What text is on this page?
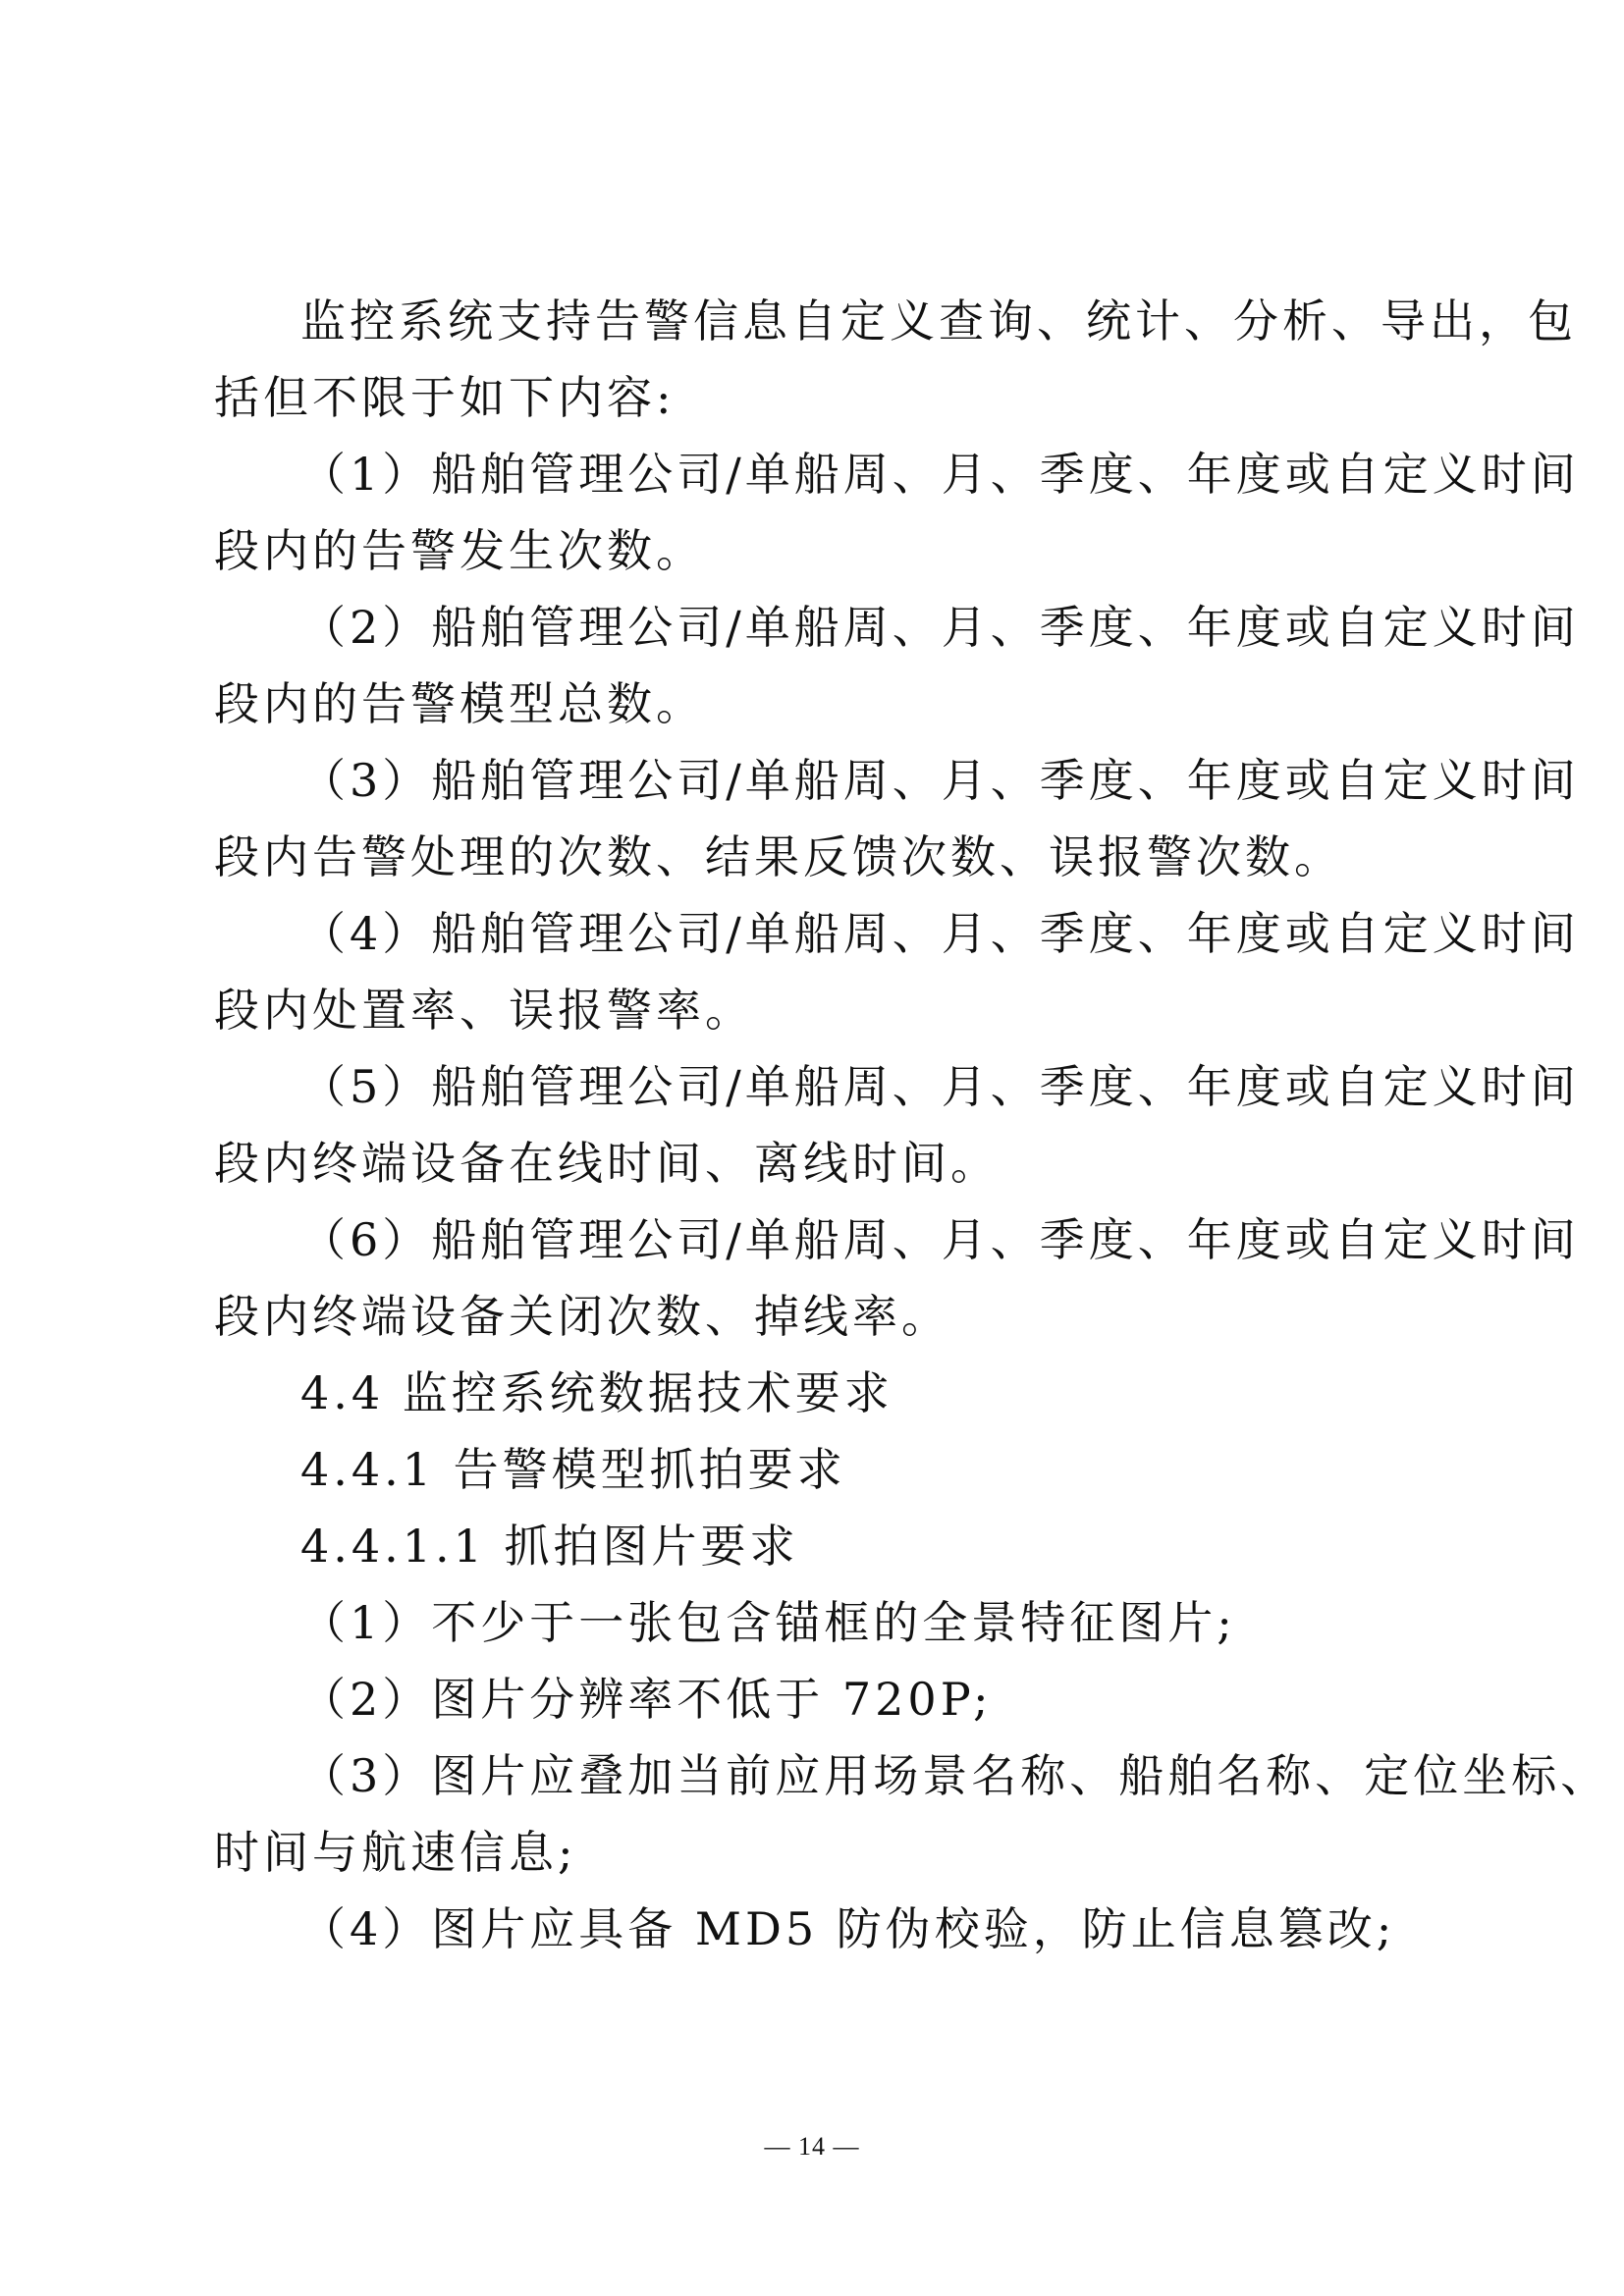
监控系统支持告警信息自定义查询、统计、分析、导出，包
括但不限于如下内容:
（1）船舶管理公司/单船周、月、季度、年度或自定义时间
段内的告警发生次数。
（2）船舶管理公司/单船周、月、季度、年度或自定义时间
段内的告警模型总数。
（3）船舶管理公司/单船周、月、季度、年度或自定义时间
段内告警处理的次数、结果反馈次数、误报警次数。
（4）船舶管理公司/单船周、月、季度、年度或自定义时间
段内处置率、误报警率。
（5）船舶管理公司/单船周、月、季度、年度或自定义时间
段内终端设备在线时间、离线时间。
（6）船舶管理公司/单船周、月、季度、年度或自定义时间
段内终端设备关闭次数、掉线率。
4.4 监控系统数据技术要求
4.4.1 告警模型抓拍要求
4.4.1.1 抓拍图片要求
（1）不少于一张包含锚框的全景特征图片;
（2）图片分辨率不低于 720P;
（3）图片应叠加当前应用场景名称、船舶名称、定位坐标、
时间与航速信息;
（4）图片应具备 MD5 防伪校验，防止信息篡改;
— 14 —
